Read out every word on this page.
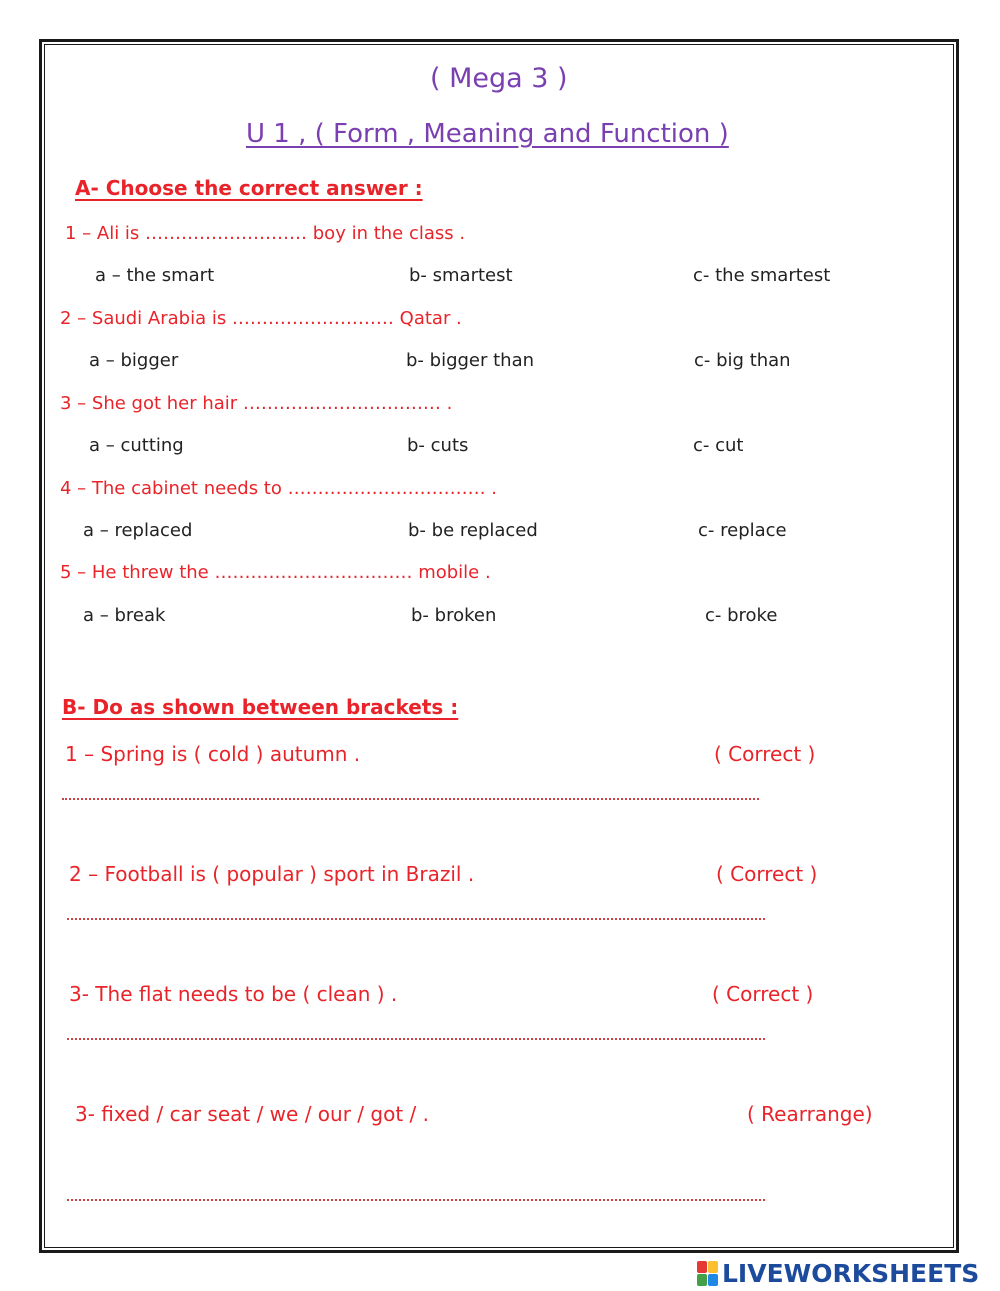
( Mega 3 )
U 1 , ( Form , Meaning and Function )
A- Choose the correct answer :
1 – Ali is ……………………… boy in the class .
a – the smart	b- smartest	c- the smartest
2 – Saudi Arabia is ……………………… Qatar .
a – bigger	b- bigger than	c- big than
3 – She got her hair …………………………… .
a – cutting	b- cuts	c- cut
4 – The cabinet needs to …………………………… .
a – replaced	b- be replaced	c- replace
5 – He threw the …………………………… mobile .
a – break	b- broken	c- broke
B- Do as shown between brackets :
1 – Spring is ( cold ) autumn .	( Correct )
2 – Football is ( popular ) sport in Brazil .	( Correct )
3- The flat needs to be ( clean ) .	( Correct )
3- fixed / car seat / we / our / got / .	( Rearrange)
LIVEWORKSHEETS
